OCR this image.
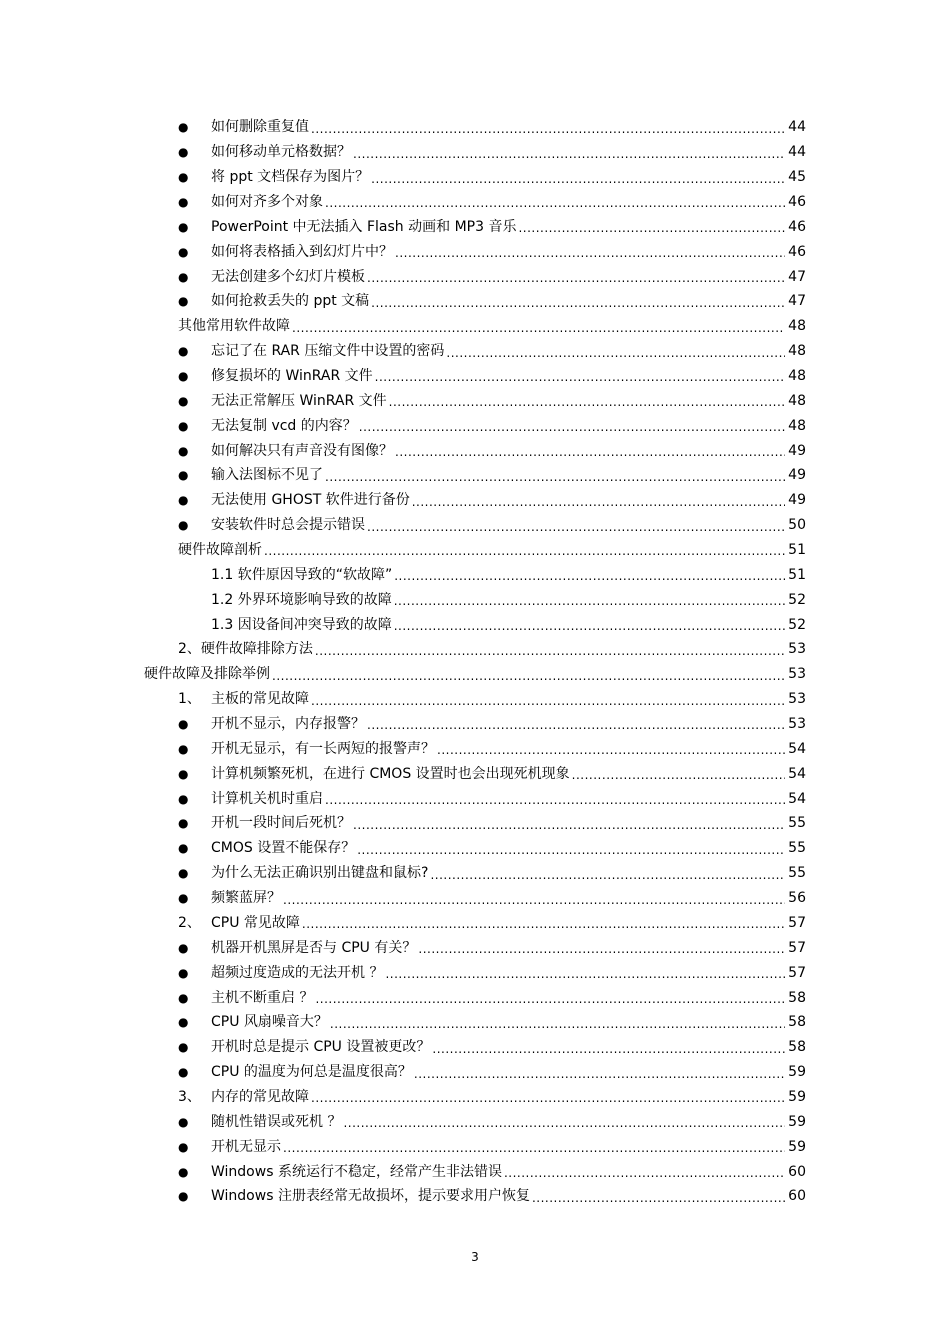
●	如何删除重复值 .....	44
●	如何移动单元格数据？ .....	44
●	将 ppt 文档保存为图片？ .....	45
●	如何对齐多个对象 .....	46
●	PowerPoint 中无法插入 Flash 动画和 MP3 音乐 .....	46
●	如何将表格插入到幻灯片中？ .....	46
●	无法创建多个幻灯片模板 .....	47
●	如何抢救丢失的 ppt 文稿 .....	47
其他常用软件故障 .....	48
●	忘记了在 RAR 压缩文件中设置的密码 .....	48
●	修复损坏的 WinRAR 文件 .....	48
●	无法正常解压 WinRAR 文件 .....	48
●	无法复制 vcd 的内容？ .....	48
●	如何解决只有声音没有图像？ .....	49
●	输入法图标不见了 .....	49
●	无法使用 GHOST 软件进行备份 .....	49
●	安装软件时总会提示错误 .....	50
硬件故障剖析 .....	51
1.1 软件原因导致的“软故障” .....	51
1.2 外界环境影响导致的故障 .....	52
1.3 因设备间冲突导致的故障 .....	52
2、硬件故障排除方法 .....	53
硬件故障及排除举例 .....	53
1、 主板的常见故障 .....	53
●	开机不显示，内存报警？ .....	53
●	开机无显示，有一长两短的报警声？ .....	54
●	计算机频繁死机，在进行 CMOS 设置时也会出现死机现象 .....	54
●	计算机关机时重启 .....	54
●	开机一段时间后死机？ .....	55
●	CMOS 设置不能保存？ .....	55
●	为什么无法正确识别出键盘和鼠标? .....	55
●	频繁蓝屏？ .....	56
2、 CPU 常见故障 .....	57
●	机器开机黑屏是否与 CPU 有关？ .....	57
●	超频过度造成的无法开机 ？ .....	57
●	主机不断重启 ？ .....	58
●	CPU 风扇噪音大？ .....	58
●	开机时总是提示 CPU 设置被更改？ .....	58
●	CPU 的温度为何总是温度很高？ .....	59
3、 内存的常见故障 .....	59
●	随机性错误或死机 ？ .....	59
●	开机无显示 .....	59
●	Windows 系统运行不稳定，经常产生非法错误 .....	60
●	Windows 注册表经常无故损坏，提示要求用户恢复 .....	60
3
